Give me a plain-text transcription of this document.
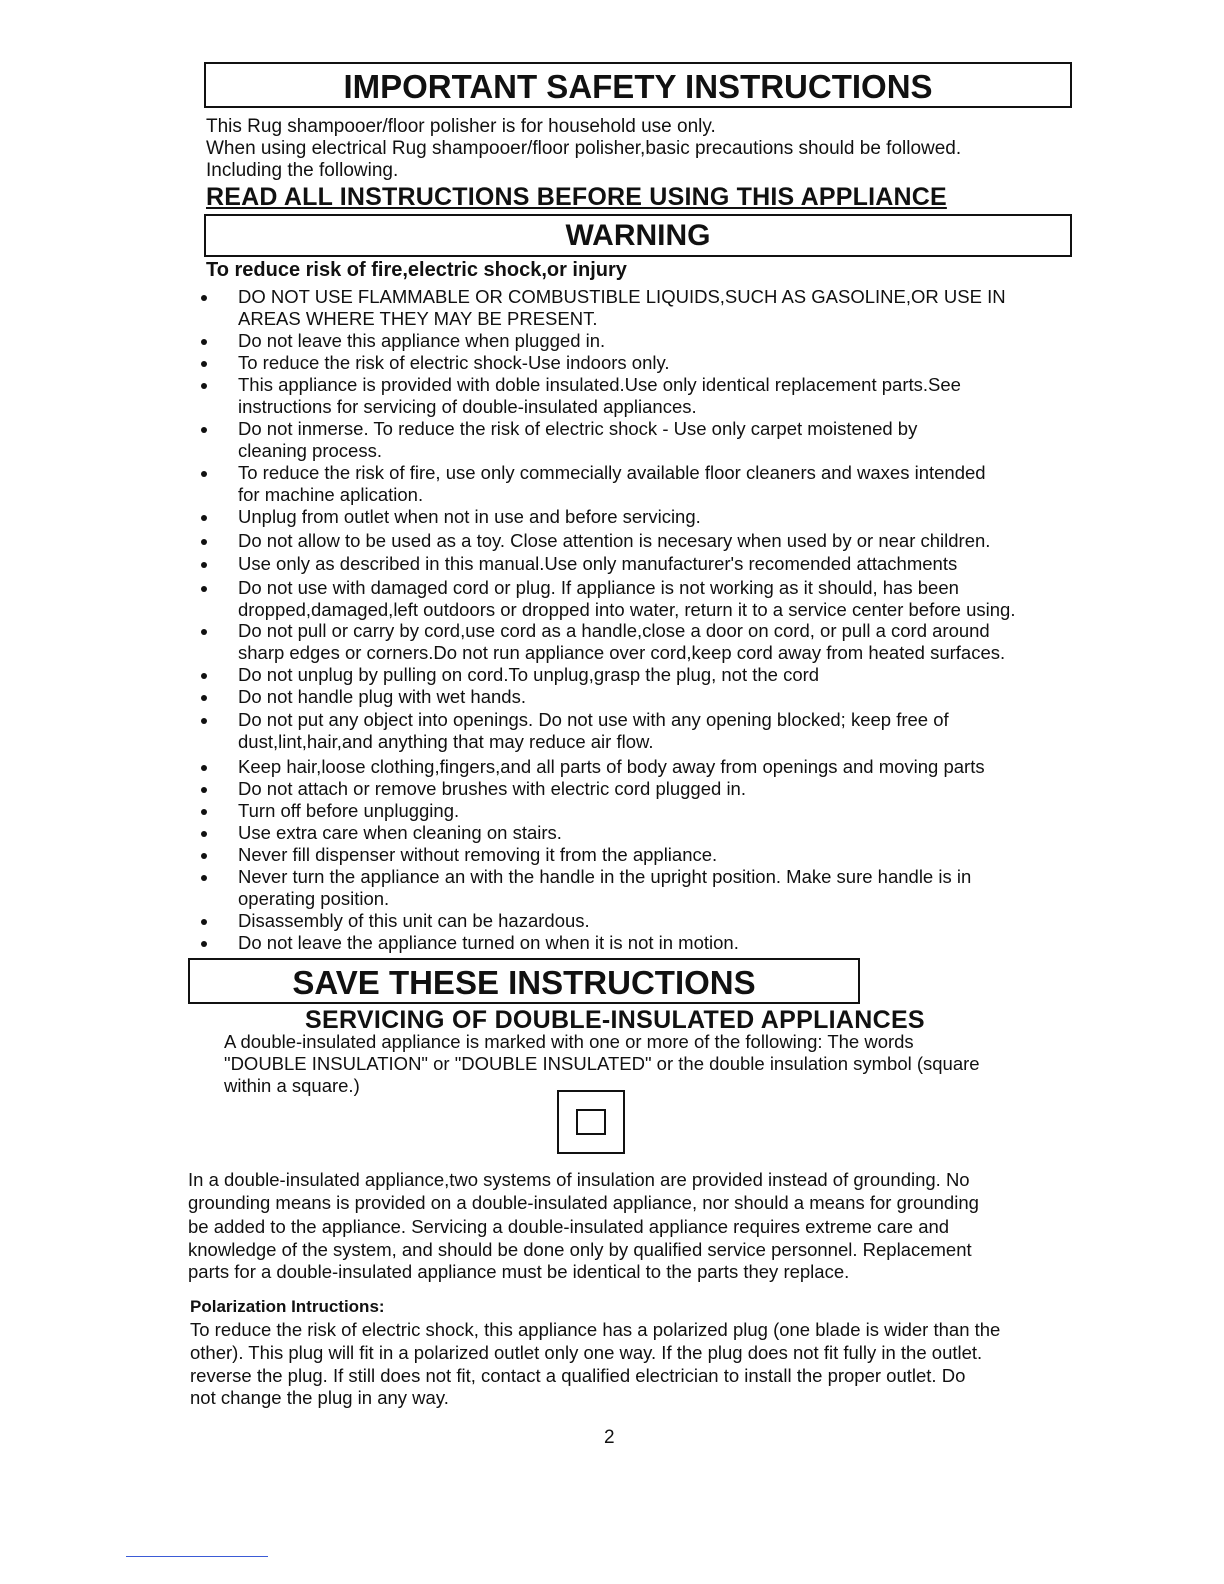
IMPORTANT SAFETY INSTRUCTIONS
This Rug shampooer/floor polisher is for household use only.
When using electrical Rug shampooer/floor polisher,basic precautions should be followed.
Including the following.
READ ALL INSTRUCTIONS BEFORE USING THIS APPLIANCE
WARNING
To reduce risk of fire,electric shock,or injury
DO NOT USE FLAMMABLE OR COMBUSTIBLE LIQUIDS,SUCH AS GASOLINE,OR USE IN
AREAS WHERE THEY MAY BE PRESENT.
Do not leave this appliance when plugged in.
To reduce the risk of electric shock-Use indoors only.
This appliance is provided with doble insulated.Use only identical replacement parts.See
instructions for servicing of double-insulated appliances.
Do not inmerse. To reduce the risk of electric shock - Use only carpet moistened by
cleaning process.
To reduce the risk of fire, use only commecially available floor cleaners and waxes intended
for machine aplication.
Unplug from outlet when not in use and before servicing.
Do not allow to be used as a toy. Close attention is necesary when used by or near children.
Use only as described in this manual.Use only manufacturer's recomended attachments
Do not use with damaged cord or plug. If appliance is not working as it should, has been
dropped,damaged,left outdoors or dropped into water, return it to a service center before using.
Do not pull or carry by cord,use cord as a handle,close a door on cord, or pull a cord around
sharp edges or corners.Do not run appliance over cord,keep cord away from heated surfaces.
Do not unplug by pulling on cord.To unplug,grasp the plug, not the cord
Do not handle plug with wet hands.
Do not put any object into openings. Do not use with any opening blocked; keep free of
dust,lint,hair,and anything that may reduce air flow.
Keep hair,loose clothing,fingers,and all parts of body away from openings and moving parts
Do not attach or remove brushes with electric cord plugged in.
Turn off before unplugging.
Use extra care when cleaning on stairs.
Never fill dispenser without removing it from the appliance.
Never turn the appliance an with the handle in the upright position. Make sure handle is in
operating position.
Disassembly of this unit can be hazardous.
Do not leave the appliance turned on when it is not in motion.
SAVE THESE INSTRUCTIONS
SERVICING OF DOUBLE-INSULATED APPLIANCES
A double-insulated appliance is marked with one or more of the following: The words
"DOUBLE INSULATION" or "DOUBLE INSULATED" or the double insulation symbol (square
within a square.)
In a double-insulated appliance,two systems of insulation are provided instead of grounding. No
grounding means is provided on a double-insulated appliance, nor should a means for grounding
be added to the appliance. Servicing a double-insulated appliance requires extreme care and
knowledge of the system, and should be done only by qualified service personnel. Replacement
parts for a double-insulated appliance must be identical to the parts they replace.
Polarization Intructions:
To reduce the risk of electric shock, this appliance has a polarized plug (one blade is wider than the
other). This plug will fit in a polarized outlet only one way. If the plug does not fit fully in the outlet.
reverse the plug. If still does not fit, contact a qualified electrician to install the proper outlet. Do
not change the plug in any way.
2
